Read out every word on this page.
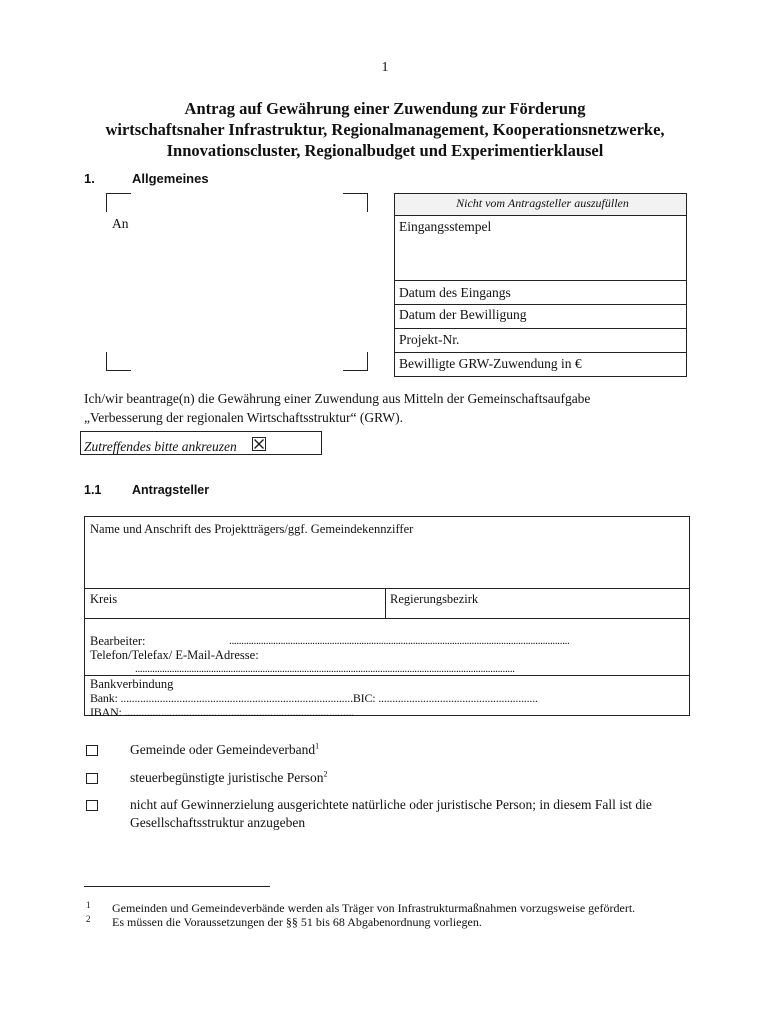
1
Antrag auf Gewährung einer Zuwendung zur Förderung
wirtschaftsnaher Infrastruktur, Regionalmanagement, Kooperationsnetzwerke,
Innovationscluster, Regionalbudget und Experimentierklausel
1.	Allgemeines
An
Nicht vom Antragsteller auszufüllen
Eingangsstempel
Datum des Eingangs
Datum der Bewilligung
Projekt-Nr.
Bewilligte GRW-Zuwendung in €
Ich/wir beantrage(n) die Gewährung einer Zuwendung aus Mitteln der Gemeinschaftsaufgabe
„Verbesserung der regionalen Wirtschaftsstruktur“ (GRW).
Zutreffendes bitte ankreuzen
1.1 Antragsteller
Name und Anschrift des Projektträgers/ggf. Gemeindekennziffer
Kreis	Regierungsbezirk
Bearbeiter:	...........................................................................................................................................
Telefon/Telefax/ E-Mail-Adresse:
...........................................................................................................................................................
Bankverbindung
Bank: ...................................................................................BIC: .........................................................
IBAN: ..................................................................................
Gemeinde oder Gemeindeverband$^1$
steuerbegünstigte juristische Person$^2$
nicht auf Gewinnerzielung ausgerichtete natürliche oder juristische Person; in diesem Fall ist die Gesellschaftsstruktur anzugeben
1 Gemeinden und Gemeindeverbände werden als Träger von Infrastrukturmaßnahmen vorzugsweise gefördert.
2 Es müssen die Voraussetzungen der §§ 51 bis 68 Abgabenordnung vorliegen.
